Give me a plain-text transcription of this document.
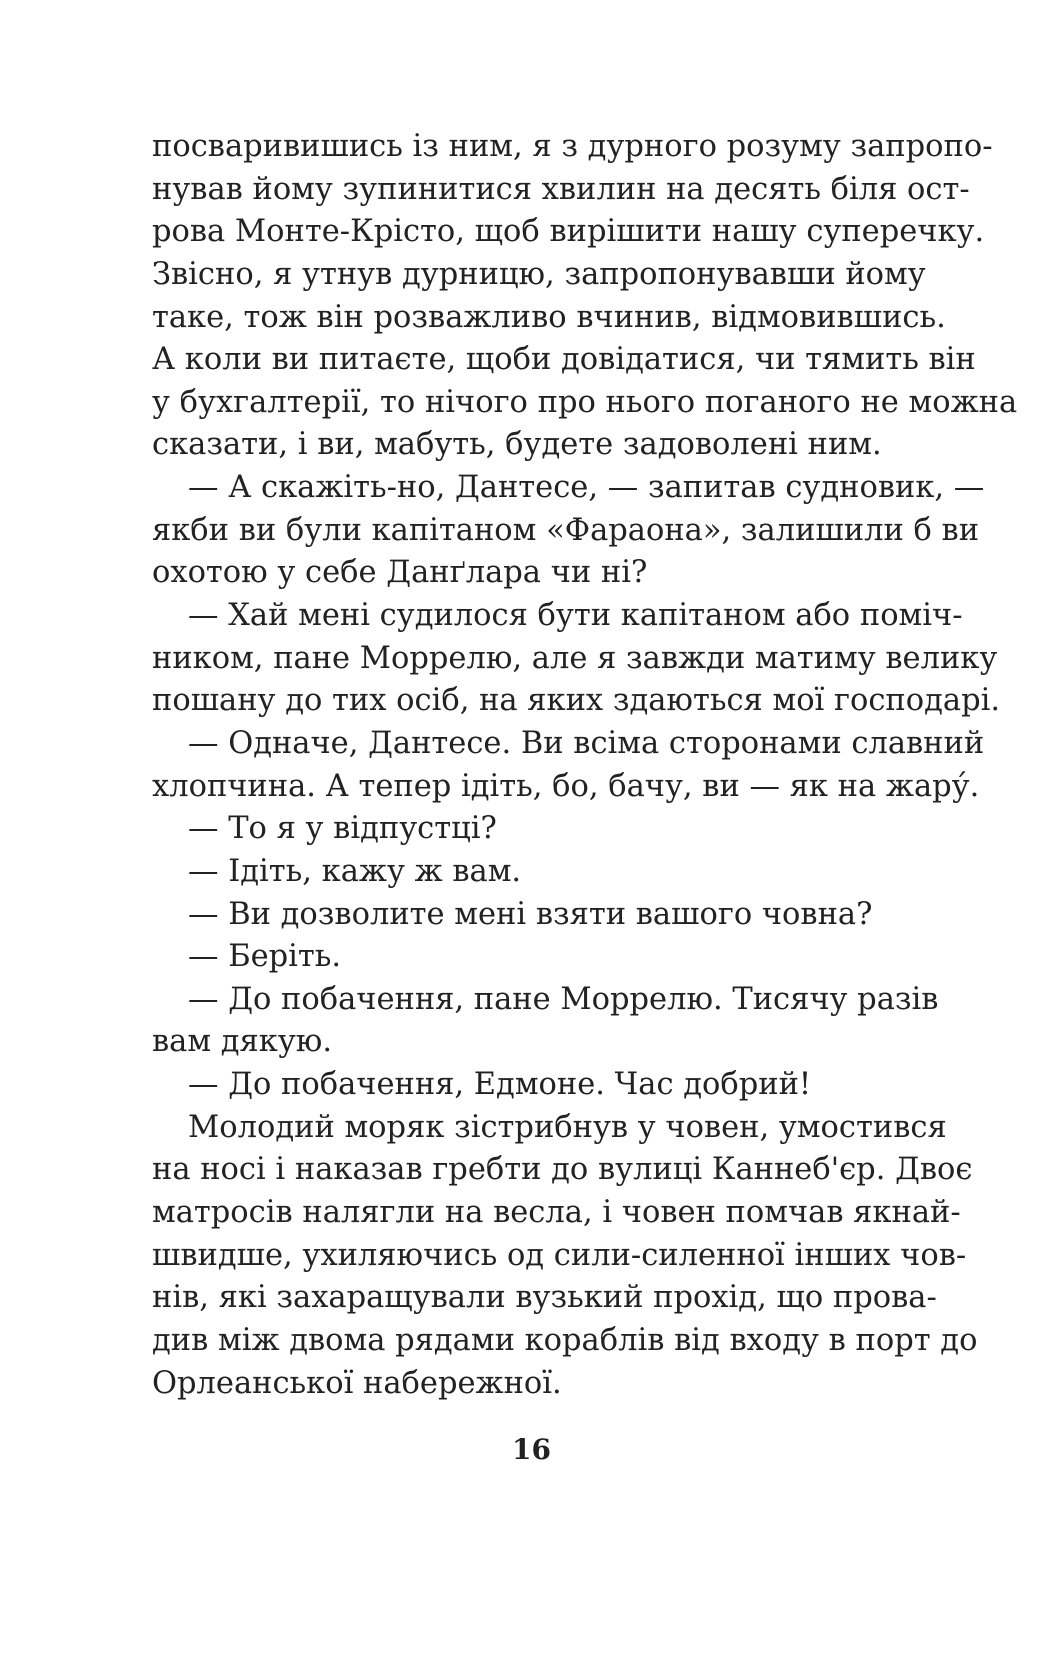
посваривишись із ним, я з дурного розуму запропо-
нував йому зупинитися хвилин на десять біля ост-
рова Монте-Крісто, щоб вирішити нашу суперечку.
Звісно, я утнув дурницю, запропонувавши йому
таке, тож він розважливо вчинив, відмовившись.
А коли ви питаєте, щоби довідатися, чи тямить він
у бухгалтерії, то нічого про нього поганого не можна
сказати, і ви, мабуть, будете задоволені ним.
— А скажіть-но, Дантесе, — запитав судновик, —
якби ви були капітаном «Фараона», залишили б ви
охотою у себе Данґлара чи ні?
— Хай мені судилося бути капітаном або поміч-
ником, пане Моррелю, але я завжди матиму велику
пошану до тих осіб, на яких здаються мої господарі.
— Одначе, Дантесе. Ви всіма сторонами славний
хлопчина. А тепер ідіть, бо, бачу, ви — як на жару́.
— То я у відпустці?
— Ідіть, кажу ж вам.
— Ви дозволите мені взяти вашого човна?
— Беріть.
— До побачення, пане Моррелю. Тисячу разів
вам дякую.
— До побачення, Едмоне. Час добрий!
Молодий моряк зістрибнув у човен, умостився
на носі і наказав гребти до вулиці Каннеб'єр. Двоє
матросів налягли на весла, і човен помчав якнай-
швидше, ухиляючись од сили-силенної інших чов-
нів, які захаращували вузький прохід, що прова-
див між двома рядами кораблів від входу в порт до
Орлеанської набережної.
16
